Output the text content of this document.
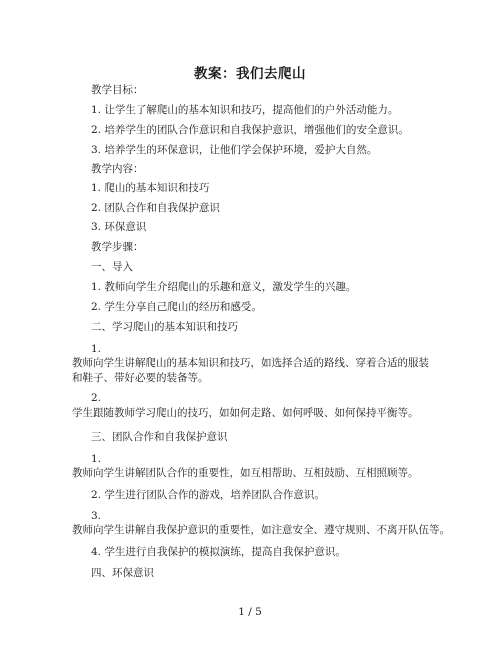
教案：我们去爬山
教学目标：
1. 让学生了解爬山的基本知识和技巧，提高他们的户外活动能力。
2. 培养学生的团队合作意识和自我保护意识，增强他们的安全意识。
3. 培养学生的环保意识，让他们学会保护环境，爱护大自然。
教学内容：
1. 爬山的基本知识和技巧
2. 团队合作和自我保护意识
3. 环保意识
教学步骤：
一、导入
1. 教师向学生介绍爬山的乐趣和意义，激发学生的兴趣。
2. 学生分享自己爬山的经历和感受。
二、学习爬山的基本知识和技巧
1.
教师向学生讲解爬山的基本知识和技巧，如选择合适的路线、穿着合适的服装和鞋子、带好必要的装备等。
2.
学生跟随教师学习爬山的技巧，如如何走路、如何呼吸、如何保持平衡等。
三、团队合作和自我保护意识
1.
教师向学生讲解团队合作的重要性，如互相帮助、互相鼓励、互相照顾等。
2. 学生进行团队合作的游戏，培养团队合作意识。
3.
教师向学生讲解自我保护意识的重要性，如注意安全、遵守规则、不离开队伍等。
4. 学生进行自我保护的模拟演练，提高自我保护意识。
四、环保意识
1 / 5
